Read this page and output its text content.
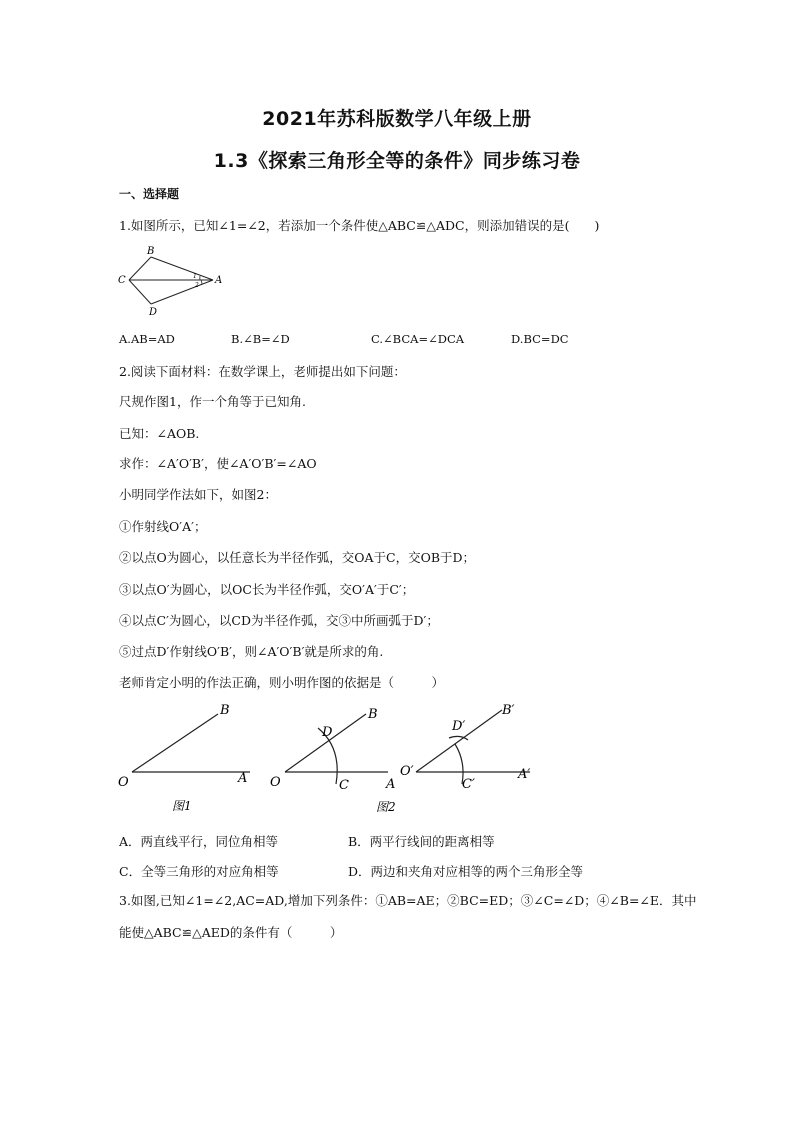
2021年苏科版数学八年级上册
1.3《探索三角形全等的条件》同步练习卷
一、选择题
1.如图所示，已知∠1=∠2，若添加一个条件使△ABC≌△ADC，则添加错误的是(　　)
B
C
D
A
1
2
A.AB=AD	B.∠B=∠D	C.∠BCA=∠DCA	D.BC=DC
2.阅读下面材料：在数学课上，老师提出如下问题：
尺规作图1，作一个角等于已知角.
已知：∠AOB.
求作：∠A′O′B′，使∠A′O′B′=∠AO
小明同学作法如下，如图2：
①作射线O′A′；
②以点O为圆心，以任意长为半径作弧，交OA于C，交OB于D；
③以点O′为圆心，以OC长为半径作弧，交O′A′于C′；
④以点C′为圆心，以CD为半径作弧，交③中所画弧于D′；
⑤过点D′作射线O′B′，则∠A′O′B′就是所求的角.
老师肯定小明的作法正确，则小明作图的依据是（　　　）
O	A
B
图1
O	A
B
C
D
图2
O′	A′
B′
C′
D′
A．两直线平行，同位角相等	B．两平行线间的距离相等
C．全等三角形的对应角相等	D．两边和夹角对应相等的两个三角形全等
3.如图,已知∠1=∠2,AC=AD,增加下列条件：①AB=AE；②BC=ED；③∠C=∠D；④∠B=∠E．其中
能使△ABC≌△AED的条件有（　　　）
